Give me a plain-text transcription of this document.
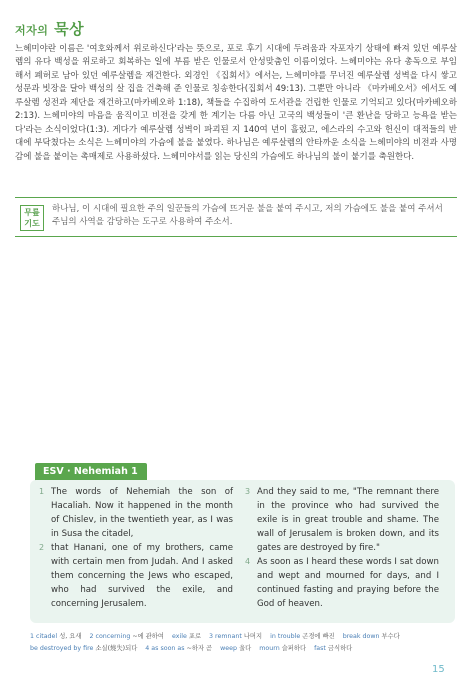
저자의 묵상

느헤미야란 이름은 '여호와께서 위로하신다'라는 뜻으로, 포로 후기 시대에 두려움과 자포자기 상태에 빠져 있던 예루살렘의 유다 백성을 위로하고 회복하는 일에 부름 받은 인물로서 안성맞춤인 이름이었다. 느헤미야는 유다 총독으로 부임해서 폐허로 남아 있던 예루살렘을 재건한다. 외경인 《집회서》에서는, 느헤미야를 무너진 예루살렘 성벽을 다시 쌓고 성문과 빗장을 달아 백성의 살 집을 건축해 준 인물로 칭송한다(집회서 49:13). 그뿐만 아니라 《마카베오서》에서도 예루살렘 성전과 제단을 재건하고(마카베오하 1:18), 책들을 수집하여 도서관을 건립한 인물로 기억되고 있다(마카베오하 2:13). 느헤미야의 마음을 움직이고 비전을 갖게 한 계기는 다름 아닌 고국의 백성들이 '큰 환난을 당하고 능욕을 받는다'라는 소식이었다(1:3). 게다가 예루살렘 성벽이 파괴된 지 140여 년이 흘렀고, 에스라의 수고와 헌신이 대적들의 반대에 부닥쳤다는 소식은 느헤미야의 가슴에 불을 붙였다. 하나님은 예루살렘의 안타까운 소식을 느헤미야의 비전과 사명감에 불을 붙이는 촉매제로 사용하셨다. 느헤미야서를 읽는 당신의 가슴에도 하나님의 불이 붙기를 축원한다.

무릎 기도
하나님, 이 시대에 필요한 주의 일꾼들의 가슴에 뜨거운 불을 붙여 주시고, 저의 가슴에도 불을 붙여 주셔서 주님의 사역을 감당하는 도구로 사용하여 주소서.
ESV · Nehemiah 1
1 The words of Nehemiah the son of Hacaliah. Now it happened in the month of Chislev, in the twentieth year, as I was in Susa the citadel,
2 that Hanani, one of my brothers, came with certain men from Judah. And I asked them concerning the Jews who escaped, who had survived the exile, and concerning Jerusalem.
3 And they said to me, "The remnant there in the province who had survived the exile is in great trouble and shame. The wall of Jerusalem is broken down, and its gates are destroyed by fire."
4 As soon as I heard these words I sat down and wept and mourned for days, and I continued fasting and praying before the God of heaven.
1 citadel 성, 요새 2 concerning ~에 관하여 exile 포로 3 remnant 나머지 in trouble 곤경에 빠진 break down 부수다
be destroyed by fire 소실(燒失)되다 4 as soon as ~하자 곧 weep 울다 mourn 슬퍼하다 fast 금식하다
15
